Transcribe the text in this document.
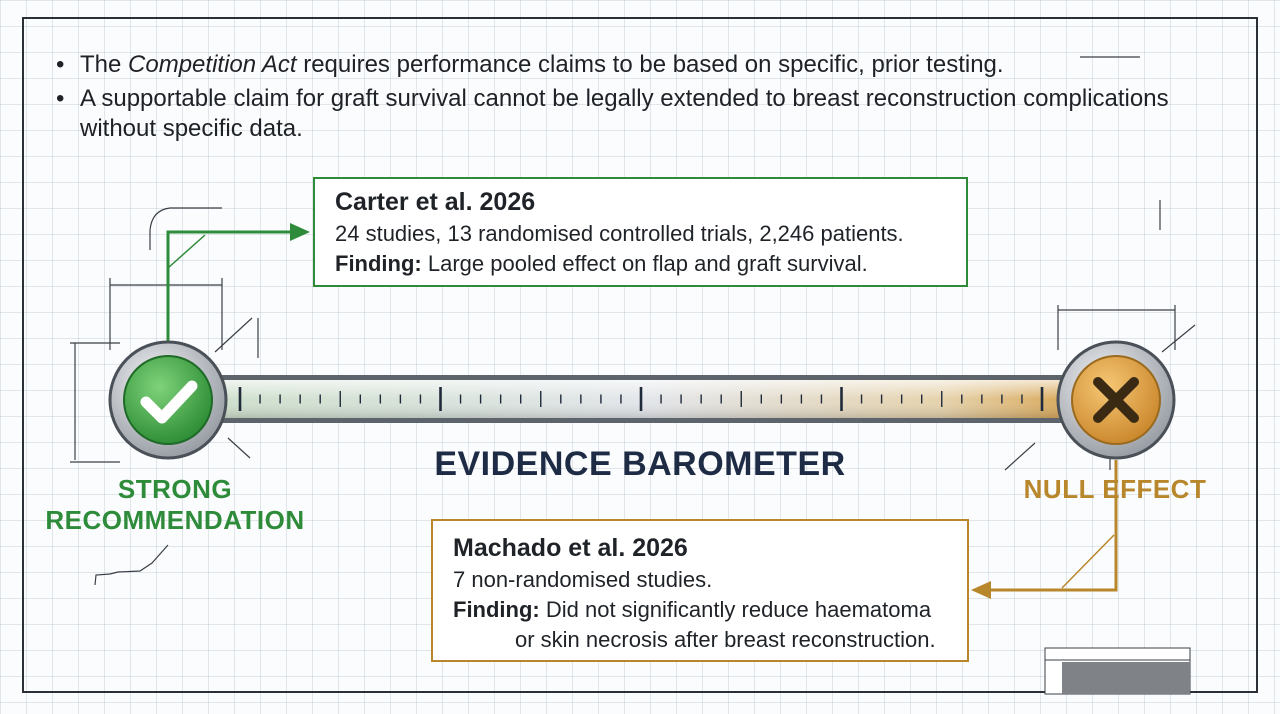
• The Competition Act requires performance claims to be based on specific, prior testing.
• A supportable claim for graft survival cannot be legally extended to breast reconstruction complications without specific data.
Carter et al. 2026
24 studies, 13 randomised controlled trials, 2,246 patients.
Finding: Large pooled effect on flap and graft survival.
Machado et al. 2026
7 non-randomised studies.
Finding: Did not significantly reduce haematoma
or skin necrosis after breast reconstruction.
EVIDENCE BAROMETER
STRONG
RECOMMENDATION
NULL EFFECT
